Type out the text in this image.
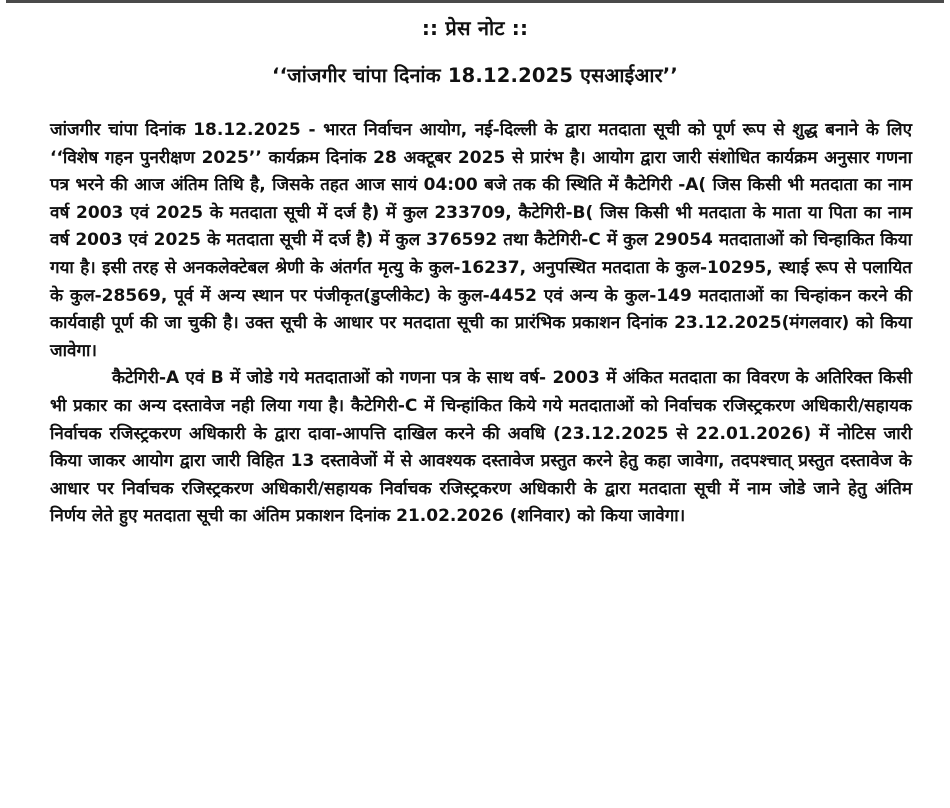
:: प्रेस नोट ::
‘‘जांजगीर चांपा दिनांक 18.12.2025 एसआईआर’’

जांजगीर चांपा दिनांक 18.12.2025 - भारत निर्वाचन आयोग, नई-दिल्ली के द्वारा मतदाता सूची को पूर्ण रूप से शुद्ध बनाने के लिए ‘‘विशेष गहन पुनरीक्षण 2025’’ कार्यक्रम दिनांक 28 अक्टूबर 2025 से प्रारंभ है। आयोग द्वारा जारी संशोधित कार्यक्रम अनुसार गणना पत्र भरने की आज अंतिम तिथि है, जिसके तहत आज सायं 04:00 बजे तक की स्थिति में कैटेगिरी -A( जिस किसी भी मतदाता का नाम वर्ष 2003 एवं 2025 के मतदाता सूची में दर्ज है) में कुल 233709, कैटेगिरी-B( जिस किसी भी मतदाता के माता या पिता का नाम वर्ष 2003 एवं 2025 के मतदाता सूची में दर्ज है) में कुल 376592 तथा कैटेगिरी-C में कुल 29054 मतदाताओं को चिन्हाकित किया गया है। इसी तरह से अनकलेक्टेबल श्रेणी के अंतर्गत मृत्यु के कुल-16237, अनुपस्थित मतदाता के कुल-10295, स्थाई रूप से पलायित के कुल-28569, पूर्व में अन्य स्थान पर पंजीकृत(डुप्लीकेट) के कुल-4452 एवं अन्य के कुल-149 मतदाताओं का चिन्हांकन करने की कार्यवाही पूर्ण की जा चुकी है। उक्त सूची के आधार पर मतदाता सूची का प्रारंभिक प्रकाशन दिनांक 23.12.2025(मंगलवार) को किया जावेगा।

कैटेगिरी-A एवं B में जोडे गये मतदाताओं को गणना पत्र के साथ वर्ष- 2003 में अंकित मतदाता का विवरण के अतिरिक्त किसी भी प्रकार का अन्य दस्तावेज नही लिया गया है। कैटेगिरी-C में चिन्हांकित किये गये मतदाताओं को निर्वाचक रजिस्ट्रकरण अधिकारी/सहायक निर्वाचक रजिस्ट्रकरण अधिकारी के द्वारा दावा-आपत्ति दाखिल करने की अवधि (23.12.2025 से 22.01.2026) में नोटिस जारी किया जाकर आयोग द्वारा जारी विहित 13 दस्तावेजों में से आवश्यक दस्तावेज प्रस्तुत करने हेतु कहा जावेगा, तदपश्चात् प्रस्तुत दस्तावेज के आधार पर निर्वाचक रजिस्ट्रकरण अधिकारी/सहायक निर्वाचक रजिस्ट्रकरण अधिकारी के द्वारा मतदाता सूची में नाम जोडे जाने हेतु अंतिम निर्णय लेते हुए मतदाता सूची का अंतिम प्रकाशन दिनांक 21.02.2026 (शनिवार) को किया जावेगा।
